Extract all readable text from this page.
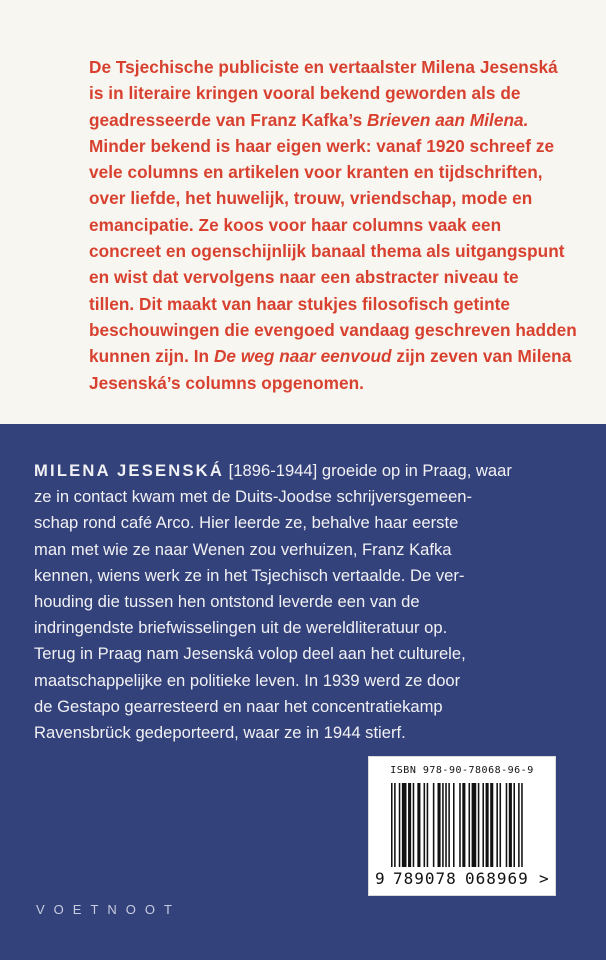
De Tsjechische publiciste en vertaalster Milena Jesenská
is in literaire kringen vooral bekend geworden als de
geadresseerde van Franz Kafka’s Brieven aan Milena.
Minder bekend is haar eigen werk: vanaf 1920 schreef ze
vele columns en artikelen voor kranten en tijdschriften,
over liefde, het huwelijk, trouw, vriendschap, mode en
emancipatie. Ze koos voor haar columns vaak een
concreet en ogenschijnlijk banaal thema als uitgangspunt
en wist dat vervolgens naar een abstracter niveau te
tillen. Dit maakt van haar stukjes filosofisch getinte
beschouwingen die evengoed vandaag geschreven hadden
kunnen zijn. In De weg naar eenvoud zijn zeven van Milena
Jesenská’s columns opgenomen.
MILENA JESENSKÁ [1896-1944] groeide op in Praag, waar
ze in contact kwam met de Duits-Joodse schrijversgemeen-
schap rond café Arco. Hier leerde ze, behalve haar eerste
man met wie ze naar Wenen zou verhuizen, Franz Kafka
kennen, wiens werk ze in het Tsjechisch vertaalde. De ver-
houding die tussen hen ontstond leverde een van de
indringendste briefwisselingen uit de wereldliteratuur op.
Terug in Praag nam Jesenská volop deel aan het culturele,
maatschappelijke en politieke leven. In 1939 werd ze door
de Gestapo gearresteerd en naar het concentratiekamp
Ravensbrück gedeporteerd, waar ze in 1944 stierf.
ISBN 978-90-78068-96-9
9 789078 068969 >
VOETNOOT
